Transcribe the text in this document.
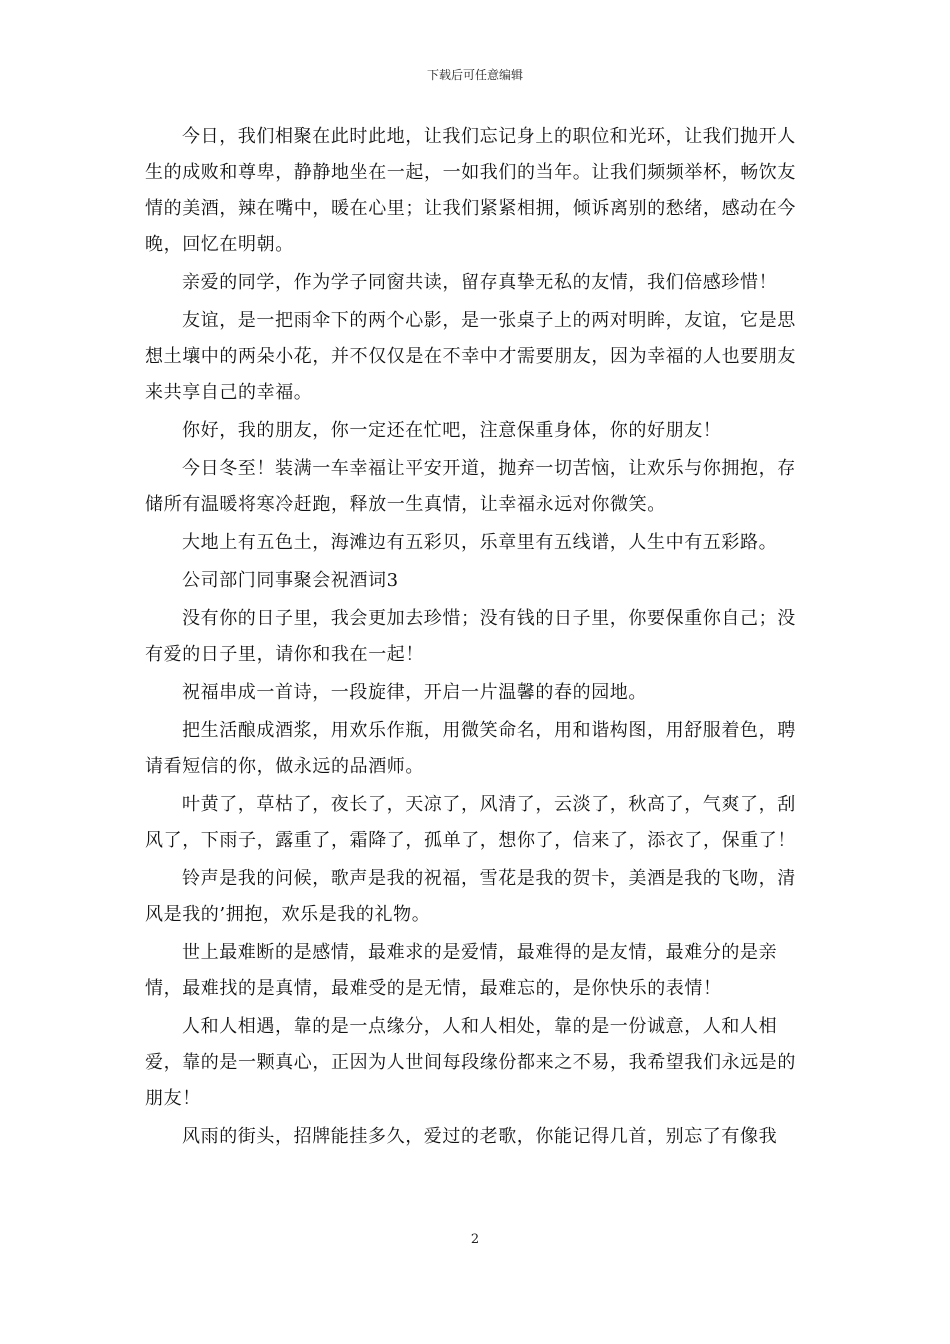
下载后可任意编辑

今日，我们相聚在此时此地，让我们忘记身上的职位和光环，让我们抛开人生的成败和尊卑，静静地坐在一起，一如我们的当年。让我们频频举杯，畅饮友情的美酒，辣在嘴中，暖在心里；让我们紧紧相拥，倾诉离别的愁绪，感动在今晚，回忆在明朝。

亲爱的同学，作为学子同窗共读，留存真挚无私的友情，我们倍感珍惜！

友谊，是一把雨伞下的两个心影，是一张桌子上的两对明眸，友谊，它是思想土壤中的两朵小花，并不仅仅是在不幸中才需要朋友，因为幸福的人也要朋友来共享自己的幸福。

你好，我的朋友，你一定还在忙吧，注意保重身体，你的好朋友！

今日冬至！装满一车幸福让平安开道，抛弃一切苦恼，让欢乐与你拥抱，存储所有温暖将寒冷赶跑，释放一生真情，让幸福永远对你微笑。

大地上有五色土，海滩边有五彩贝，乐章里有五线谱，人生中有五彩路。

公司部门同事聚会祝酒词3

没有你的日子里，我会更加去珍惜；没有钱的日子里，你要保重你自己；没有爱的日子里，请你和我在一起！

祝福串成一首诗，一段旋律，开启一片温馨的春的园地。

把生活酿成酒浆，用欢乐作瓶，用微笑命名，用和谐构图，用舒服着色，聘请看短信的你，做永远的品酒师。

叶黄了，草枯了，夜长了，天凉了，风清了，云淡了，秋高了，气爽了，刮风了，下雨子，露重了，霜降了，孤单了，想你了，信来了，添衣了，保重了！

铃声是我的问候，歌声是我的祝福，雪花是我的贺卡，美酒是我的飞吻，清风是我的’拥抱，欢乐是我的礼物。

世上最难断的是感情，最难求的是爱情，最难得的是友情，最难分的是亲情，最难找的是真情，最难受的是无情，最难忘的，是你快乐的表情！

人和人相遇，靠的是一点缘分，人和人相处，靠的是一份诚意，人和人相爱，靠的是一颗真心，正因为人世间每段缘份都来之不易，我希望我们永远是的朋友！

风雨的街头，招牌能挂多久，爱过的老歌，你能记得几首，别忘了有像我

2
